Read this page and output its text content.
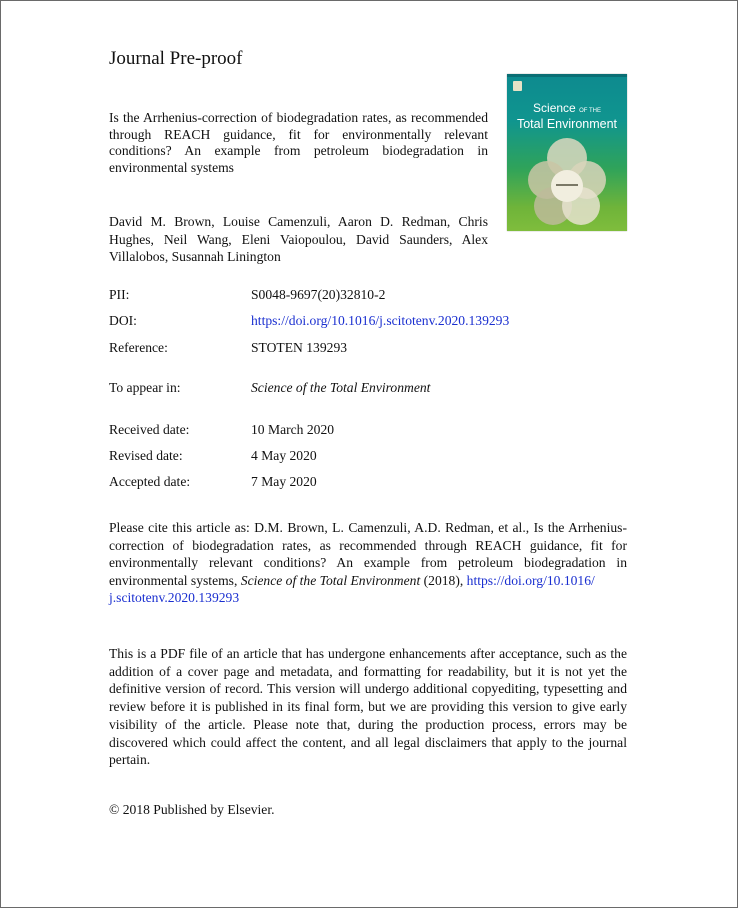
Journal Pre-proof
Is the Arrhenius-correction of biodegradation rates, as recommended through REACH guidance, fit for environmentally relevant conditions? An example from petroleum biodegradation in environmental systems
Science OF THE
Total Environment
David M. Brown, Louise Camenzuli, Aaron D. Redman, Chris Hughes, Neil Wang, Eleni Vaiopoulou, David Saunders, Alex Villalobos, Susannah Linington
PII:	S0048-9697(20)32810-2
DOI:	https://doi.org/10.1016/j.scitotenv.2020.139293
Reference:	STOTEN 139293
To appear in:	Science of the Total Environment
Received date:	10 March 2020
Revised date:	4 May 2020
Accepted date:	7 May 2020
Please cite this article as: D.M. Brown, L. Camenzuli, A.D. Redman, et al., Is the Arrhenius-correction of biodegradation rates, as recommended through REACH guidance, fit for environmentally relevant conditions? An example from petroleum biodegradation in environmental systems, Science of the Total Environment (2018), https://doi.org/10.1016/
j.scitotenv.2020.139293
This is a PDF file of an article that has undergone enhancements after acceptance, such as the addition of a cover page and metadata, and formatting for readability, but it is not yet the definitive version of record. This version will undergo additional copyediting, typesetting and review before it is published in its final form, but we are providing this version to give early visibility of the article. Please note that, during the production process, errors may be discovered which could affect the content, and all legal disclaimers that apply to the journal pertain.
© 2018 Published by Elsevier.
